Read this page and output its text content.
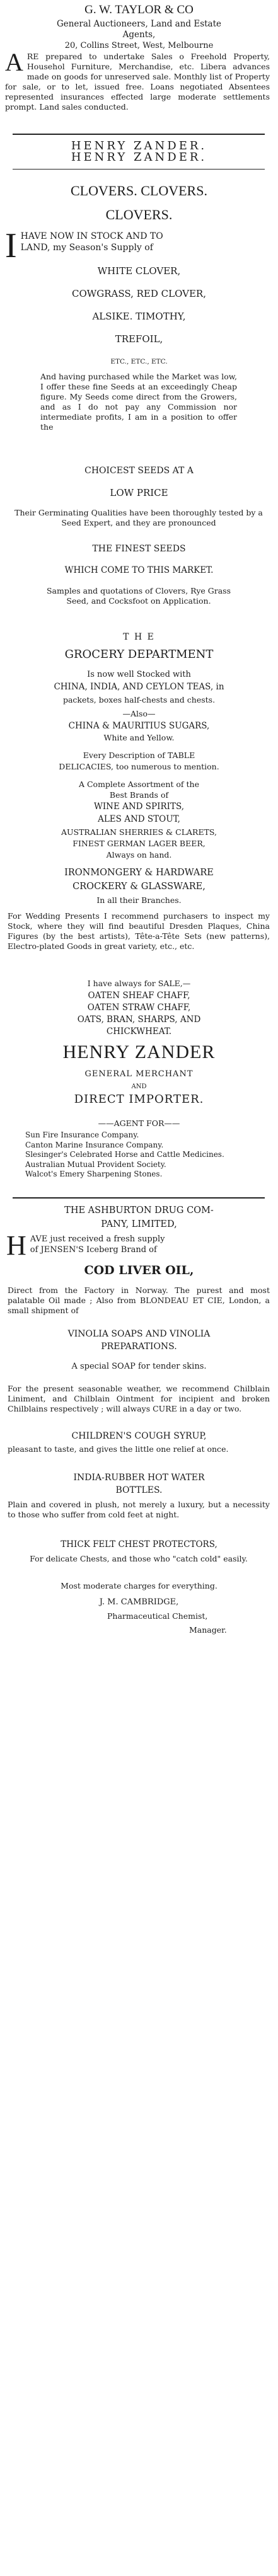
G. W. TAYLOR & CO
General Auctioneers, Land and Estate
Agents,
20, Collins Street, West, Melbourne
A RE prepared to undertake Sales o Freehold Property, Househol Furniture, Merchandise, etc. Libera advances made on goods for unreserved sale. Monthly list of Property for sale, or to let, issued free. Loans negotiated Absentees represented insurances effected large moderate settlements prompt. Land sales conducted.
HENRY ZANDER.
HENRY ZANDER.
CLOVERS. CLOVERS.
CLOVERS.
I HAVE NOW IN STOCK AND TO
LAND, my Season's Supply of
WHITE CLOVER,
COWGRASS, RED CLOVER,
ALSIKE. TIMOTHY,
TREFOIL,
ETC., ETC., ETC.
And having purchased while the Market was low, I offer these fine Seeds at an exceedingly Cheap figure. My Seeds come direct from the Growers, and as I do not pay any Commission nor intermediate profits, I am in a position to offer the
CHOICEST SEEDS AT A
LOW PRICE
Their Germinating Qualities have been thoroughly tested by a Seed Expert, and they are pronounced
THE FINEST SEEDS
WHICH COME TO THIS MARKET.
Samples and quotations of Clovers, Rye Grass Seed, and Cocksfoot on Application.
T H E
GROCERY DEPARTMENT
Is now well Stocked with
CHINA, INDIA, AND CEYLON TEAS, in
packets, boxes half-chests and chests.
—Also—
CHINA & MAURITIUS SUGARS,
White and Yellow.
Every Description of TABLE
DELICACIES, too numerous to mention.
A Complete Assortment of the
Best Brands of
WINE AND SPIRITS,
ALES AND STOUT,
AUSTRALIAN SHERRIES & CLARETS,
FINEST GERMAN LAGER BEER,
Always on hand.
IRONMONGERY & HARDWARE
CROCKERY & GLASSWARE,
In all their Branches.
For Wedding Presents I recommend purchasers to inspect my Stock, where they will find beautiful Dresden Plaques, China Figures (by the best artists), Tête-a-Tête Sets (new patterns), Electro-plated Goods in great variety, etc., etc.
I have always for SALE,—
OATEN SHEAF CHAFF,
OATEN STRAW CHAFF,
OATS, BRAN, SHARPS, AND
CHICKWHEAT.
HENRY ZANDER
GENERAL MERCHANT
AND
DIRECT IMPORTER.
——AGENT FOR——
Sun Fire Insurance Company.
Canton Marine Insurance Company.
Slesinger's Celebrated Horse and Cattle Medicines.
Australian Mutual Provident Society.
Walcot's Emery Sharpening Stones.
THE ASHBURTON DRUG COM-
PANY, LIMITED,
H AVE just received a fresh supply
of JENSEN'S Iceberg Brand of
COD LIVER OIL,
Direct from the Factory in Norway. The purest and most palatable Oil made ; Also from BLONDEAU ET CIE, London, a small shipment of
VINOLIA SOAPS AND VINOLIA
PREPARATIONS.
A special SOAP for tender skins.
For the present seasonable weather, we recommend Chilblain Liniment, and Chilblain Ointment for incipient and broken Chilblains respectively ; will always CURE in a day or two.
CHILDREN'S COUGH SYRUP,
pleasant to taste, and gives the little one relief at once.
INDIA-RUBBER HOT WATER
BOTTLES.
Plain and covered in plush, not merely a luxury, but a necessity to those who suffer from cold feet at night.
THICK FELT CHEST PROTECTORS,
For delicate Chests, and those who "catch cold" easily.
Most moderate charges for everything.
J. M. CAMBRIDGE,
Pharmaceutical Chemist,
Manager.
